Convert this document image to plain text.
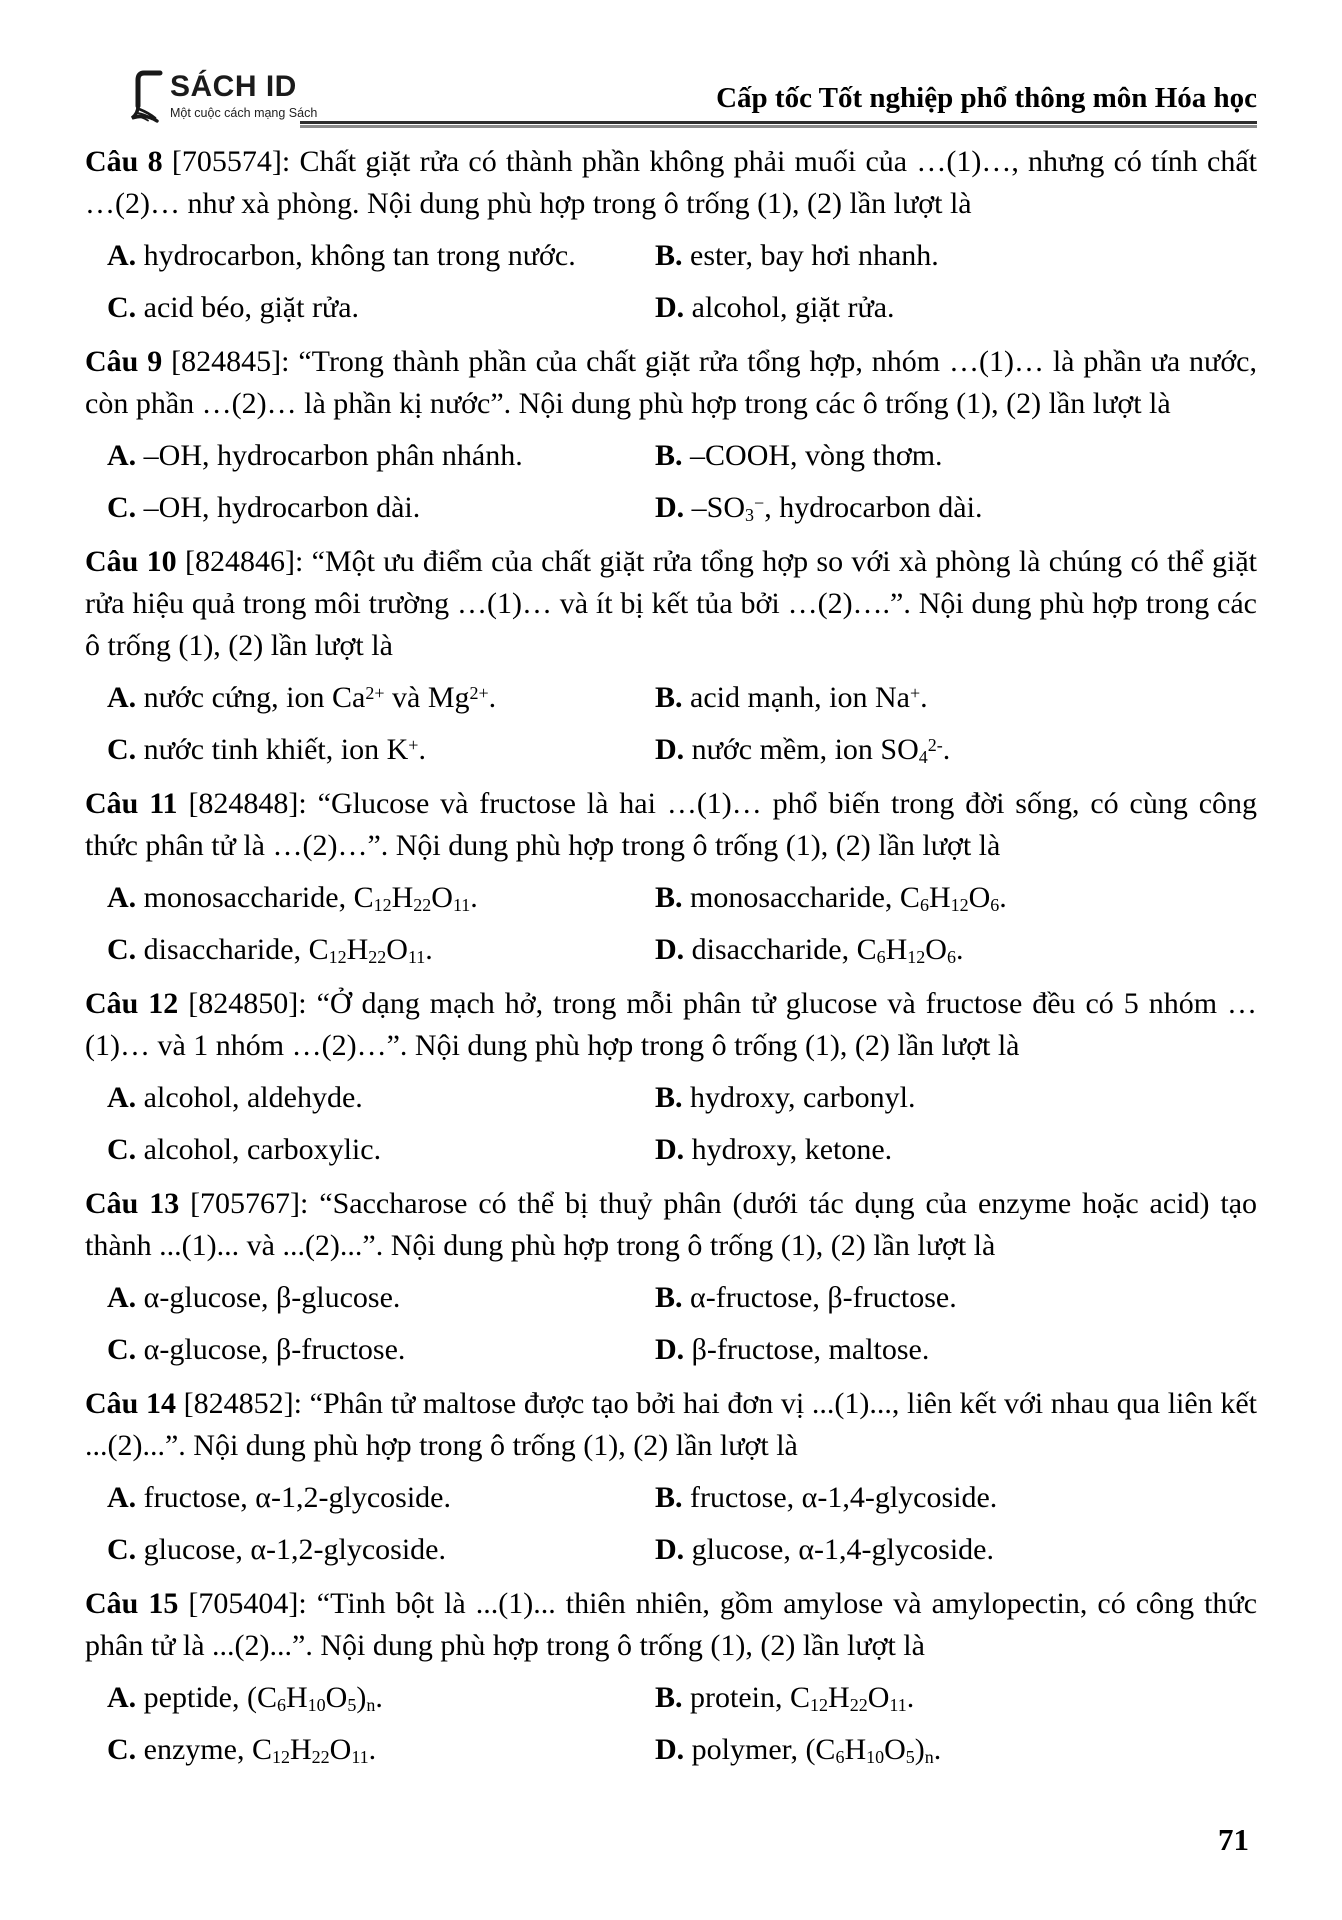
SÁCH ID
Một cuộc cách mạng Sách	Cấp tốc Tốt nghiệp phổ thông môn Hóa học

Câu 8 [705574]: Chất giặt rửa có thành phần không phải muối của …(1)…, nhưng có tính chất …(2)… như xà phòng. Nội dung phù hợp trong ô trống (1), (2) lần lượt là

A. hydrocarbon, không tan trong nước.	B. ester, bay hơi nhanh.
C. acid béo, giặt rửa.	D. alcohol, giặt rửa.

Câu 9 [824845]: “Trong thành phần của chất giặt rửa tổng hợp, nhóm …(1)… là phần ưa nước, còn phần …(2)… là phần kị nước”. Nội dung phù hợp trong các ô trống (1), (2) lần lượt là

A. –OH, hydrocarbon phân nhánh.	B. –COOH, vòng thơm.
C. –OH, hydrocarbon dài.	D. $-SO_3^-$, hydrocarbon dài.

Câu 10 [824846]: “Một ưu điểm của chất giặt rửa tổng hợp so với xà phòng là chúng có thể giặt rửa hiệu quả trong môi trường …(1)… và ít bị kết tủa bởi …(2)….”. Nội dung phù hợp trong các ô trống (1), (2) lần lượt là

A. nước cứng, ion $Ca^{2+}$ và $Mg^{2+}$.	B. acid mạnh, ion Na+.
C. nước tinh khiết, ion K+.	D. nước mềm, ion $SO_4^{2-}$.

Câu 11 [824848]: “Glucose và fructose là hai …(1)… phổ biến trong đời sống, có cùng công thức phân tử là …(2)…”. Nội dung phù hợp trong ô trống (1), (2) lần lượt là

A. monosaccharide, $C_{12}H_{22}O_{11}$.	B. monosaccharide, $C_6H_{12}O_6$.
C. disaccharide, $C_{12}H_{22}O_{11}$.	D. disaccharide, $C_6H_{12}O_6$.

Câu 12 [824850]: “Ở dạng mạch hở, trong mỗi phân tử glucose và fructose đều có 5 nhóm …(1)… và 1 nhóm …(2)…”. Nội dung phù hợp trong ô trống (1), (2) lần lượt là

A. alcohol, aldehyde.	B. hydroxy, carbonyl.
C. alcohol, carboxylic.	D. hydroxy, ketone.

Câu 13 [705767]: “Saccharose có thể bị thuỷ phân (dưới tác dụng của enzyme hoặc acid) tạo thành ...(1)... và ...(2)...”. Nội dung phù hợp trong ô trống (1), (2) lần lượt là

A. α-glucose, β-glucose.	B. α-fructose, β-fructose.
C. α-glucose, β-fructose.	D. β-fructose, maltose.

Câu 14 [824852]: “Phân tử maltose được tạo bởi hai đơn vị ...(1)..., liên kết với nhau qua liên kết ...(2)...”. Nội dung phù hợp trong ô trống (1), (2) lần lượt là

A. fructose, α-1,2-glycoside.	B. fructose, α-1,4-glycoside.
C. glucose, α-1,2-glycoside.	D. glucose, α-1,4-glycoside.

Câu 15 [705404]: “Tinh bột là ...(1)... thiên nhiên, gồm amylose và amylopectin, có công thức phân tử là ...(2)...”. Nội dung phù hợp trong ô trống (1), (2) lần lượt là

A. peptide, $(C_6H_{10}O_5)_n$.	B. protein, $C_{12}H_{22}O_{11}$.
C. enzyme, $C_{12}H_{22}O_{11}$.	D. polymer, $(C_6H_{10}O_5)_n$.
71
